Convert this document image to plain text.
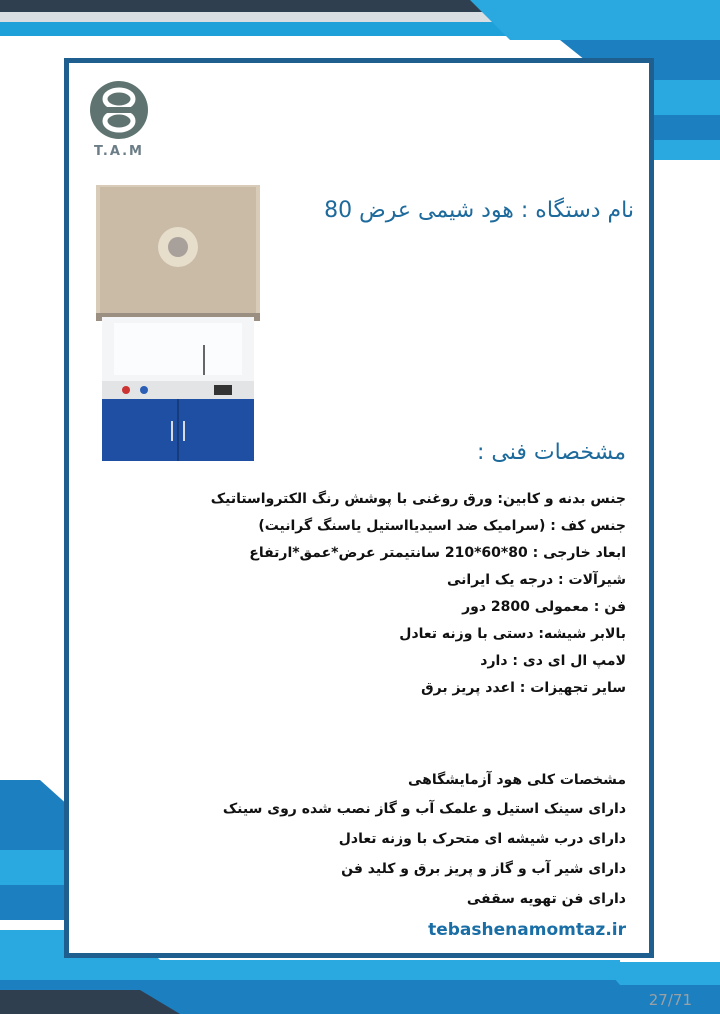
T.A.M
نام دستگاه : هود شیمی عرض 80
مشخصات فنی :
جنس بدنه و کابین: ورق روغنی با پوشش رنگ الکترواستاتیک
جنس کف : (سرامیک ضد اسیدیااستیل یاسنگ گرانیت)
ابعاد خارجی : 80*60*210 سانتیمتر عرض*عمق*ارتفاع
شیرآلات : درجه یک ایرانی
فن : معمولی 2800 دور
بالابر شیشه: دستی با وزنه تعادل
لامپ ال ای دی : دارد
سایر تجهیزات : اعدد پریز برق
مشخصات کلی هود آزمایشگاهی
دارای سینک استیل و علمک آب و گاز نصب شده روی سینک
دارای درب شیشه ای متحرک با وزنه تعادل
دارای شیر آب و گاز و پریز برق و کلید فن
دارای فن تهویه سقفی
tebashenamomtaz.ir
27/71
